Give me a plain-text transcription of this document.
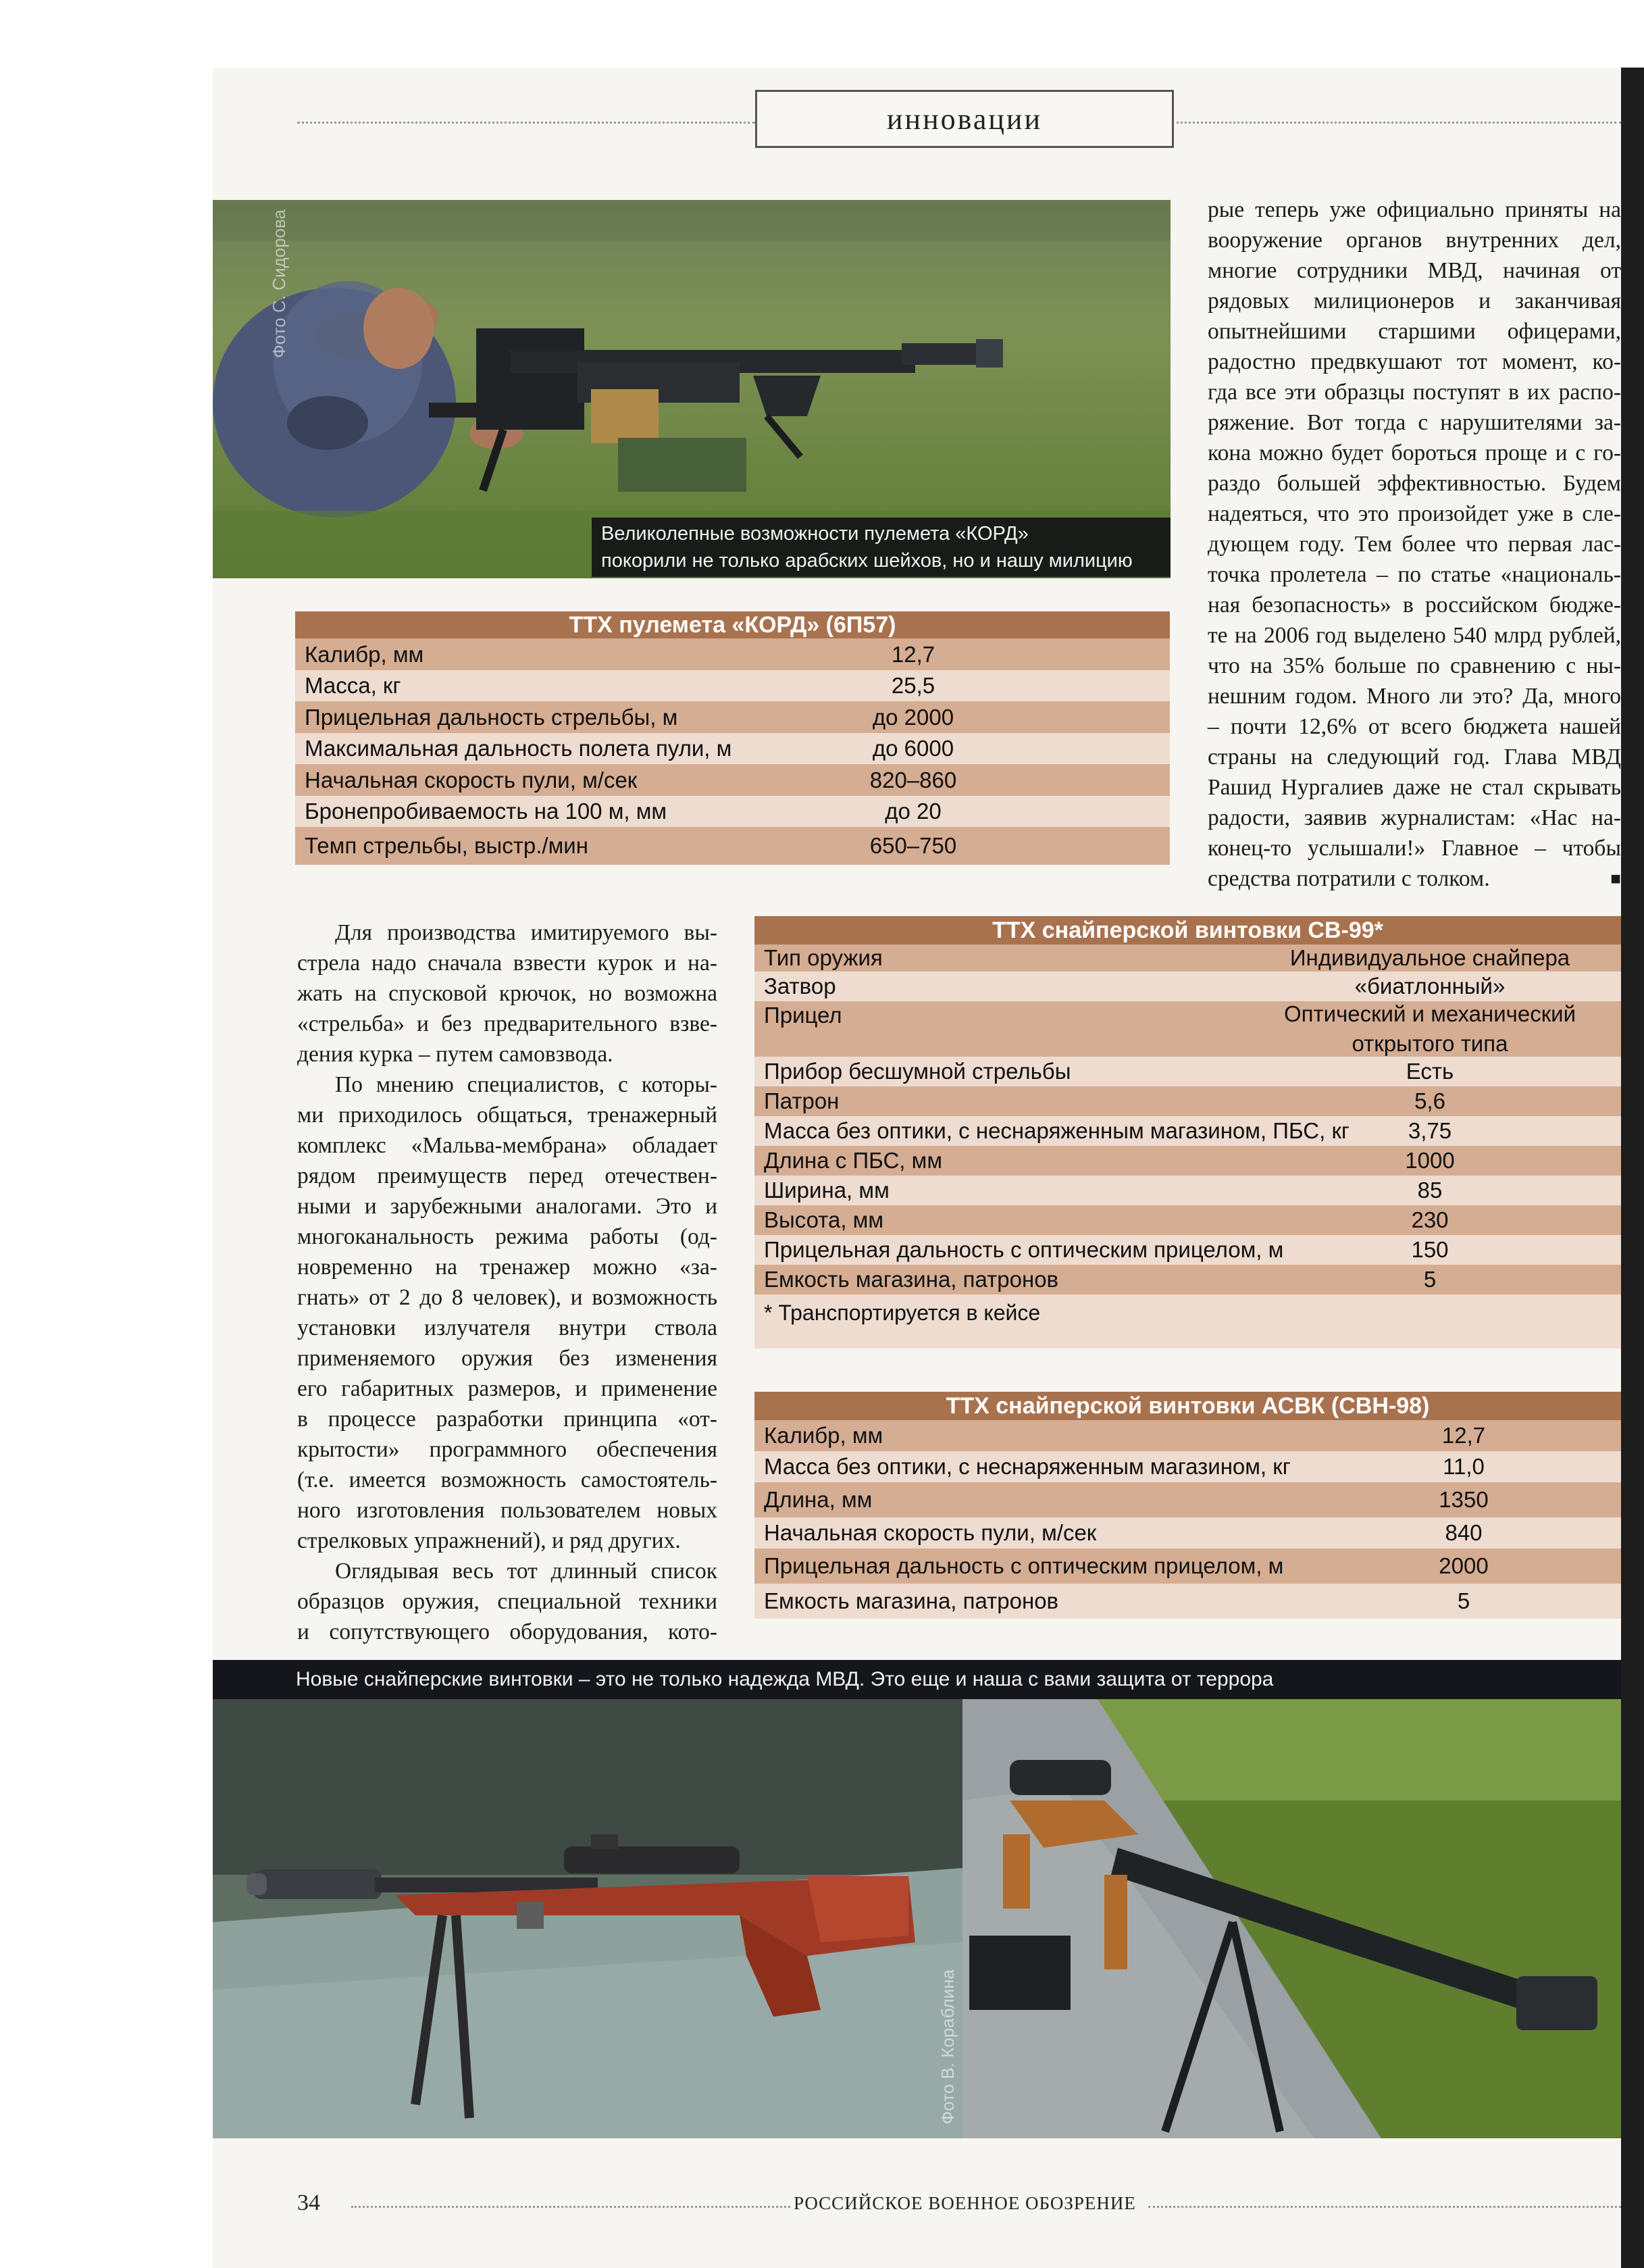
инновации
Фото С. Сидорова
Великолепные возможности пулемета «КОРД»
покорили не только арабских шейхов, но и нашу милицию
ТТХ пулемета «КОРД» (6П57)
Калибр, мм	12,7
Масса, кг	25,5
Прицельная дальность стрельбы, м	до 2000
Максимальная дальность полета пули, м	до 6000
Начальная скорость пули, м/сек	820–860
Бронепробиваемость на 100 м, мм	до 20
Темп стрельбы, выстр./мин	650–750
рые теперь уже официально приняты на
вооружение органов внутренних дел,
многие сотрудники МВД, начиная от
рядовых милиционеров и заканчивая
опытнейшими старшими офицерами,
радостно предвкушают тот момент, ко-
гда все эти образцы поступят в их распо-
ряжение. Вот тогда с нарушителями за-
кона можно будет бороться проще и с го-
раздо большей эффективностью. Будем
надеяться, что это произойдет уже в сле-
дующем году. Тем более что первая лас-
точка пролетела – по статье «националь-
ная безопасность» в российском бюдже-
те на 2006 год выделено 540 млрд рублей,
что на 35% больше по сравнению с ны-
нешним годом. Много ли это? Да, много
– почти 12,6% от всего бюджета нашей
страны на следующий год. Глава МВД
Рашид Нургалиев даже не стал скрывать
радости, заявив журналистам: «Нас на-
конец-то услышали!» Главное – чтобы
средства потратили с толком.	■
Для производства имитируемого вы-
стрела надо сначала взвести курок и на-
жать на спусковой крючок, но возможна
«стрельба» и без предварительного взве-
дения курка – путем самовзвода.
По мнению специалистов, с которы-
ми приходилось общаться, тренажерный
комплекс «Мальва-мембрана» обладает
рядом преимуществ перед отечествен-
ными и зарубежными аналогами. Это и
многоканальность режима работы (од-
новременно на тренажер можно «за-
гнать» от 2 до 8 человек), и возможность
установки излучателя внутри ствола
применяемого оружия без изменения
его габаритных размеров, и применение
в процессе разработки принципа «от-
крытости» программного обеспечения
(т.е. имеется возможность самостоятель-
ного изготовления пользователем новых
стрелковых упражнений), и ряд других.
Оглядывая весь тот длинный список
образцов оружия, специальной техники
и сопутствующего оборудования, кото-
ТТХ снайперской винтовки СВ-99*
Тип оружия	Индивидуальное снайпера
Затвор	«биатлонный»
Прицел	Оптический и механический
открытого типа
Прибор бесшумной стрельбы	Есть
Патрон	5,6
Масса без оптики, с неснаряженным магазином, ПБС, кг	3,75
Длина с ПБС, мм	1000
Ширина, мм	85
Высота, мм	230
Прицельная дальность с оптическим прицелом, м	150
Емкость магазина, патронов	5
* Транспортируется в кейсе
ТТХ снайперской винтовки АСВК (СВН-98)
Калибр, мм	12,7
Масса без оптики, с неснаряженным магазином, кг	11,0
Длина, мм	1350
Начальная скорость пули, м/сек	840
Прицельная дальность с оптическим прицелом, м	2000
Емкость магазина, патронов	5
Новые снайперские винтовки – это не только надежда МВД. Это еще и наша с вами защита от террора
Фото В. Кораблина
34	РОССИЙСКОЕ ВОЕННОЕ ОБОЗРЕНИЕ
